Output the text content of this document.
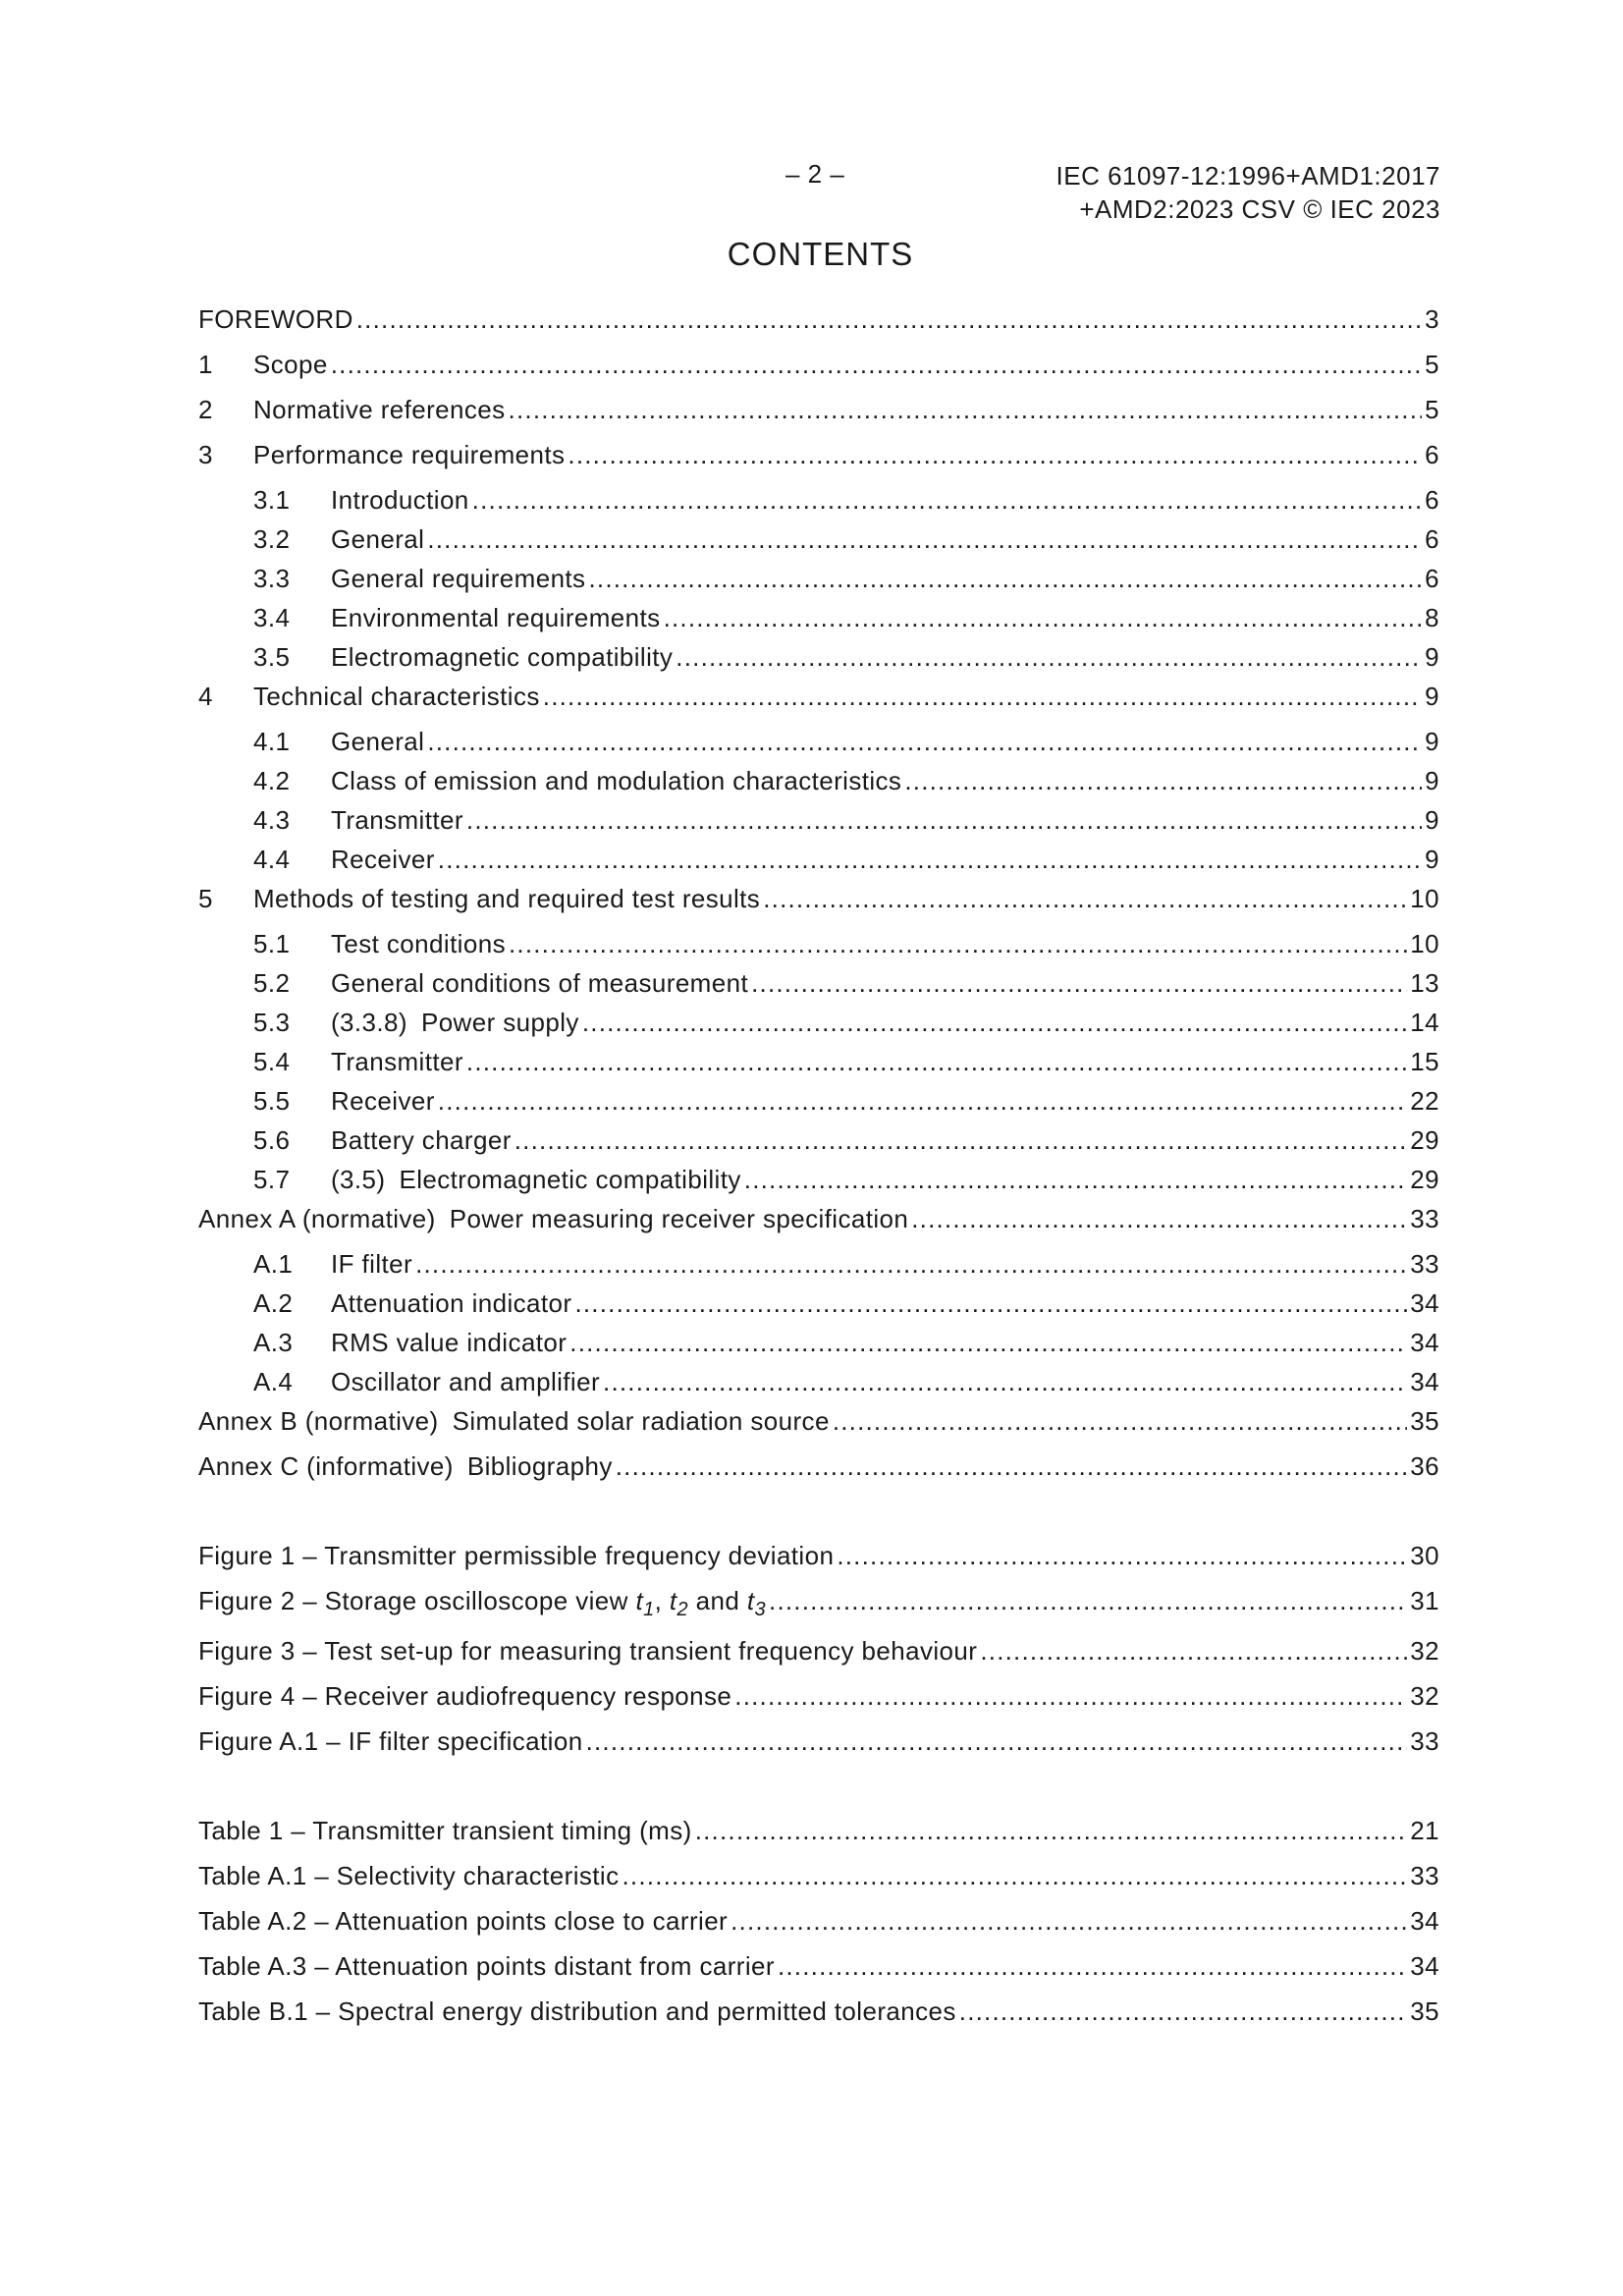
– 2 –	IEC 61097-12:1996+AMD1:2017
+AMD2:2023 CSV © IEC 2023
CONTENTS
FOREWORD .....	3
1	Scope .....	5
2	Normative references .....	5
3	Performance requirements .....	6
3.1	Introduction .....	6
3.2	General .....	6
3.3	General requirements .....	6
3.4	Environmental requirements .....	8
3.5	Electromagnetic compatibility .....	9
4	Technical characteristics .....	9
4.1	General .....	9
4.2	Class of emission and modulation characteristics .....	9
4.3	Transmitter .....	9
4.4	Receiver .....	9
5	Methods of testing and required test results .....	10
5.1	Test conditions .....	10
5.2	General conditions of measurement .....	13
5.3	(3.3.8) Power supply .....	14
5.4	Transmitter .....	15
5.5	Receiver .....	22
5.6	Battery charger .....	29
5.7	(3.5) Electromagnetic compatibility .....	29
Annex A (normative) Power measuring receiver specification .....	33
A.1	IF filter .....	33
A.2	Attenuation indicator .....	34
A.3	RMS value indicator .....	34
A.4	Oscillator and amplifier .....	34
Annex B (normative) Simulated solar radiation source .....	35
Annex C (informative) Bibliography .....	36
Figure 1 – Transmitter permissible frequency deviation .....	30
Figure 2 – Storage oscilloscope view $t_1$, $t_2$ and $t_3$ .....	31
Figure 3 – Test set-up for measuring transient frequency behaviour .....	32
Figure 4 – Receiver audiofrequency response .....	32
Figure A.1 – IF filter specification .....	33
Table 1 – Transmitter transient timing (ms) .....	21
Table A.1 – Selectivity characteristic .....	33
Table A.2 – Attenuation points close to carrier .....	34
Table A.3 – Attenuation points distant from carrier .....	34
Table B.1 – Spectral energy distribution and permitted tolerances .....	35
